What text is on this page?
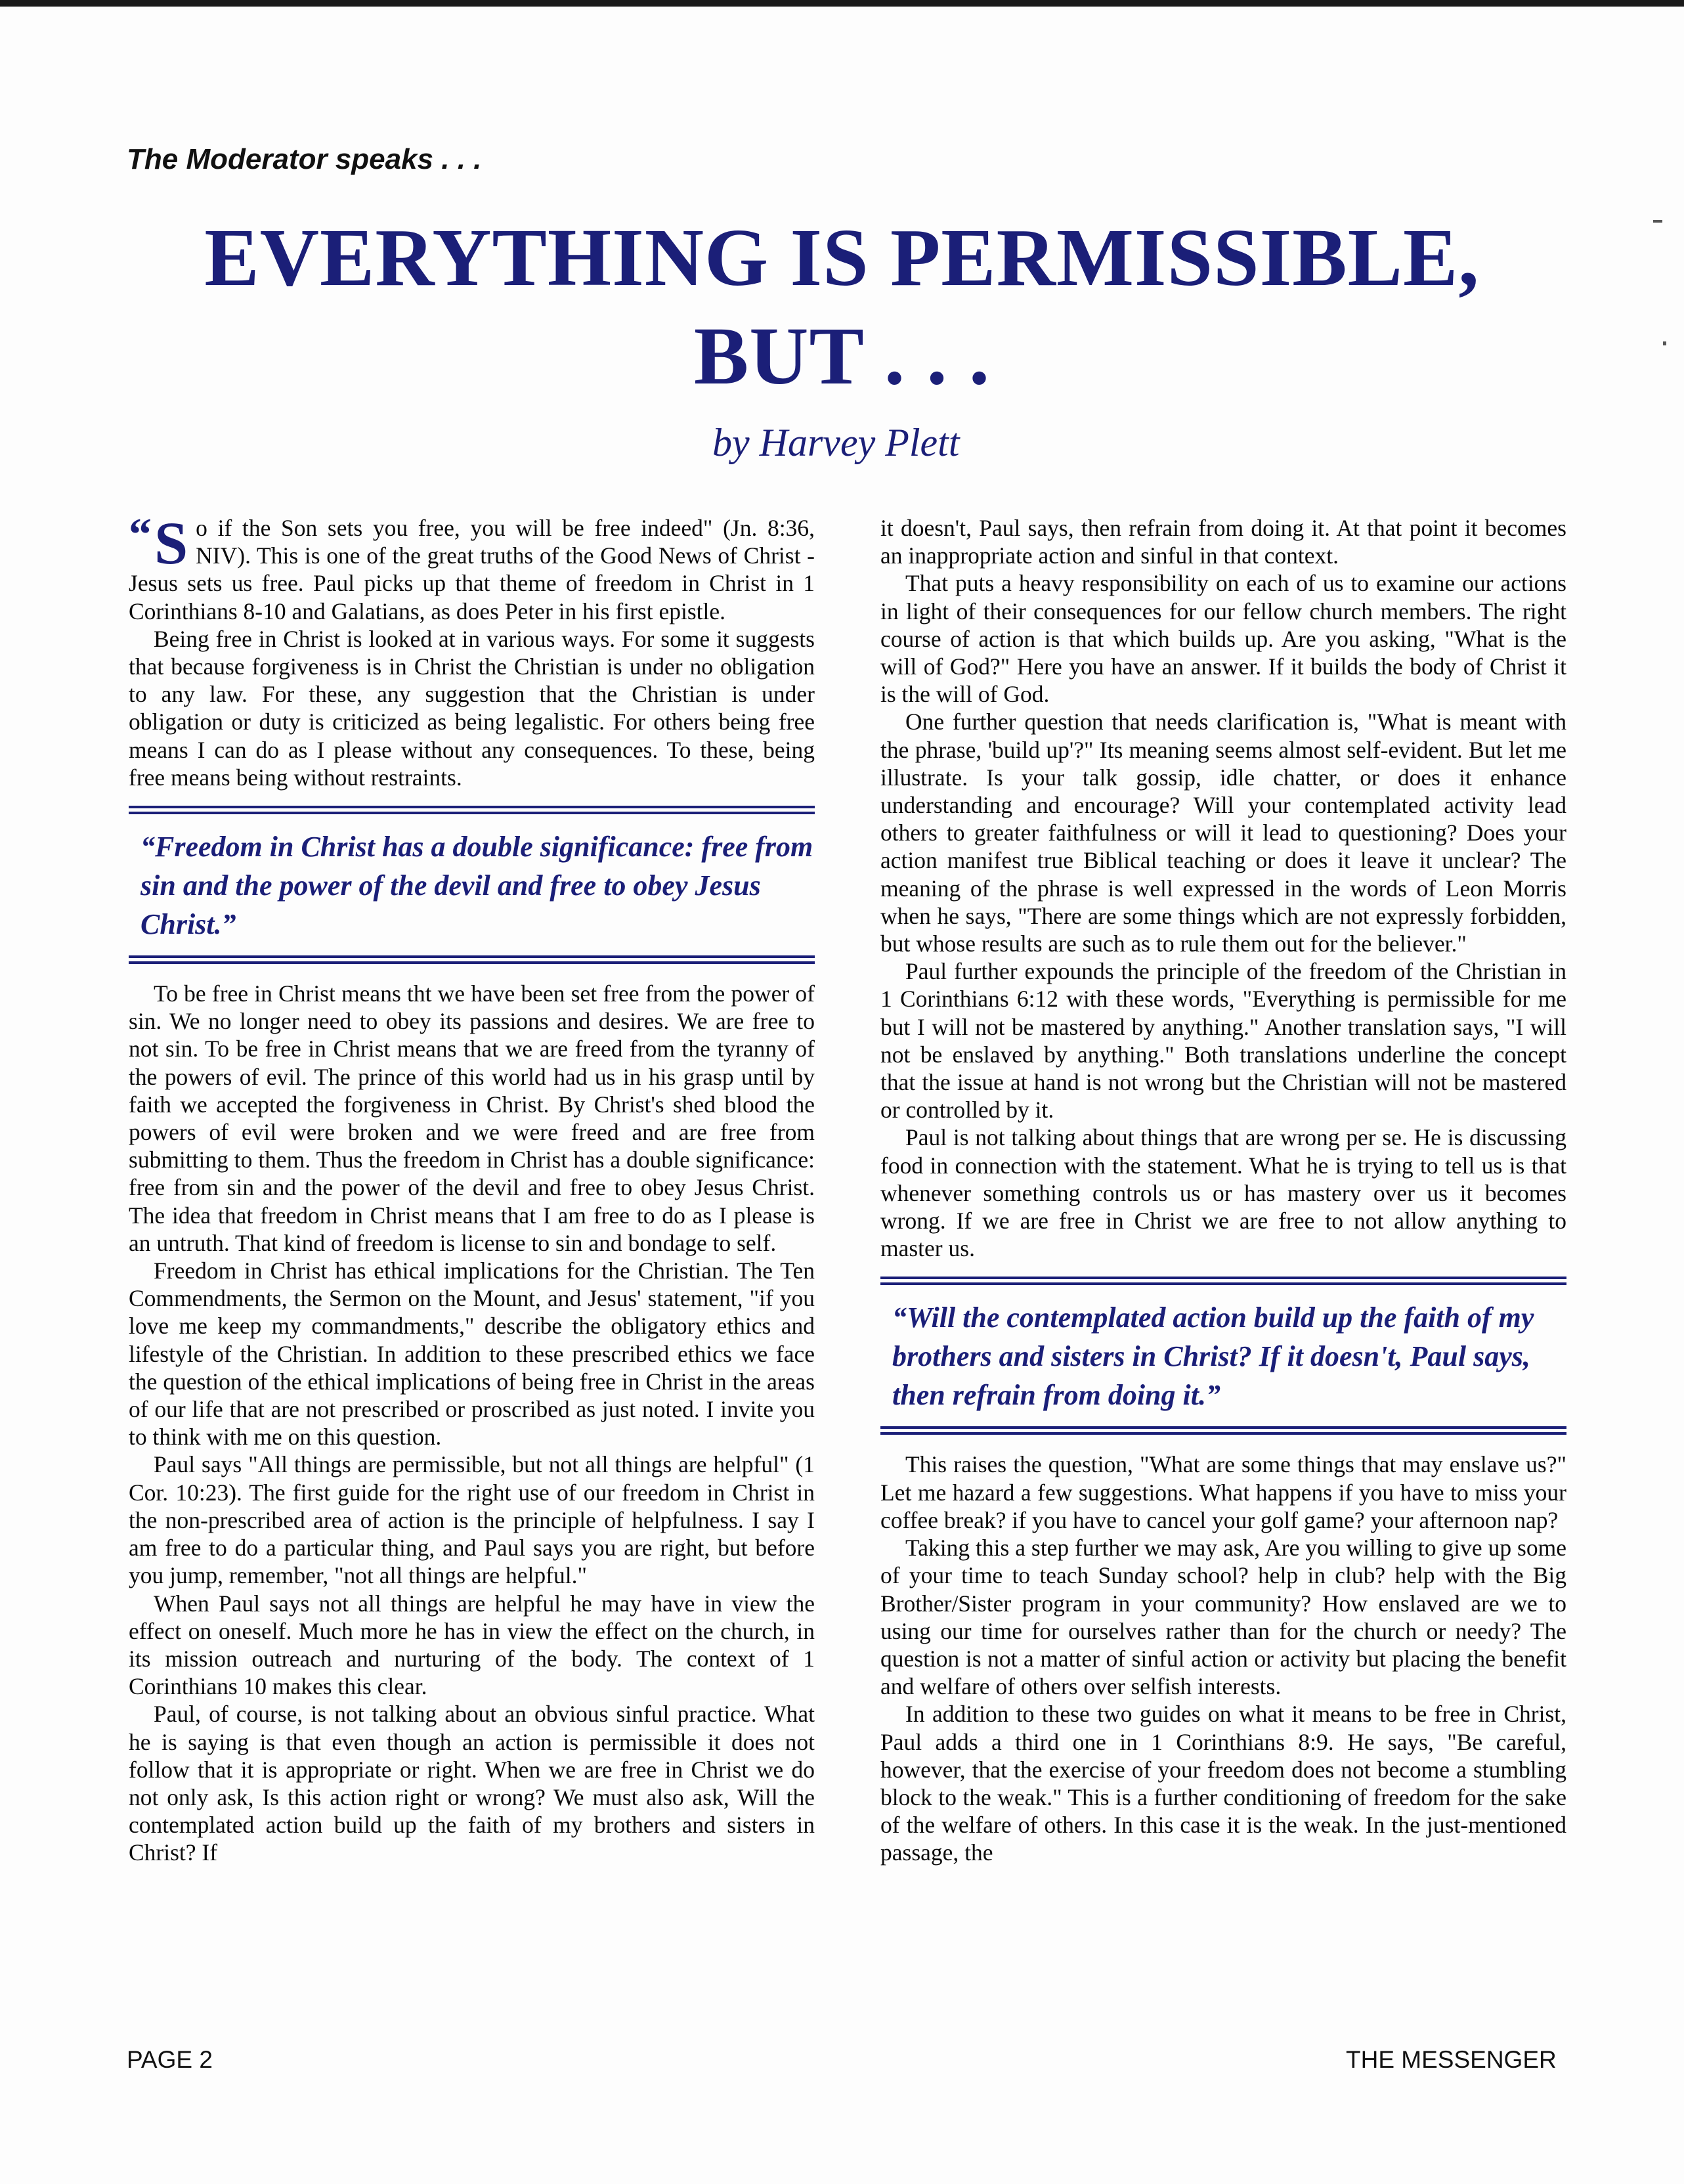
The Moderator speaks . . .
EVERYTHING IS PERMISSIBLE,
BUT . . .
by Harvey Plett

“ S o if the Son sets you free, you will be free indeed" (Jn. 8:36, NIV). This is one of the great truths of the Good News of Christ - Jesus sets us free. Paul picks up that theme of freedom in Christ in 1 Corinthians 8-10 and Galatians, as does Peter in his first epistle.

Being free in Christ is looked at in various ways. For some it suggests that because forgiveness is in Christ the Christian is under no obligation to any law. For these, any suggestion that the Christian is under obligation or duty is criticized as being legalistic. For others being free means I can do as I please without any consequences. To these, being free means being without restraints.

“Freedom in Christ has a double significance: free from sin and the power of the devil and free to obey Jesus Christ.”

To be free in Christ means tht we have been set free from the power of sin. We no longer need to obey its passions and desires. We are free to not sin. To be free in Christ means that we are freed from the tyranny of the powers of evil. The prince of this world had us in his grasp until by faith we accepted the forgiveness in Christ. By Christ's shed blood the powers of evil were broken and we were freed and are free from submitting to them. Thus the freedom in Christ has a double significance: free from sin and the power of the devil and free to obey Jesus Christ. The idea that freedom in Christ means that I am free to do as I please is an untruth. That kind of freedom is license to sin and bondage to self.

Freedom in Christ has ethical implications for the Christian. The Ten Commendments, the Sermon on the Mount, and Jesus' statement, "if you love me keep my commandments," describe the obligatory ethics and lifestyle of the Christian. In addition to these prescribed ethics we face the question of the ethical implications of being free in Christ in the areas of our life that are not prescribed or proscribed as just noted. I invite you to think with me on this question.

Paul says "All things are permissible, but not all things are helpful" (1 Cor. 10:23). The first guide for the right use of our freedom in Christ in the non-prescribed area of action is the principle of helpfulness. I say I am free to do a particular thing, and Paul says you are right, but before you jump, remember, "not all things are helpful."

When Paul says not all things are helpful he may have in view the effect on oneself. Much more he has in view the effect on the church, in its mission outreach and nurturing of the body. The context of 1 Corinthians 10 makes this clear.

Paul, of course, is not talking about an obvious sinful practice. What he is saying is that even though an action is permissible it does not follow that it is appropriate or right. When we are free in Christ we do not only ask, Is this action right or wrong? We must also ask, Will the contemplated action build up the faith of my brothers and sisters in Christ? If

it doesn't, Paul says, then refrain from doing it. At that point it becomes an inappropriate action and sinful in that context.

That puts a heavy responsibility on each of us to examine our actions in light of their consequences for our fellow church members. The right course of action is that which builds up. Are you asking, "What is the will of God?" Here you have an answer. If it builds the body of Christ it is the will of God.

One further question that needs clarification is, "What is meant with the phrase, 'build up'?" Its meaning seems almost self-evident. But let me illustrate. Is your talk gossip, idle chatter, or does it enhance understanding and encourage? Will your contemplated activity lead others to greater faithfulness or will it lead to questioning? Does your action manifest true Biblical teaching or does it leave it unclear? The meaning of the phrase is well expressed in the words of Leon Morris when he says, "There are some things which are not expressly forbidden, but whose results are such as to rule them out for the believer."

Paul further expounds the principle of the freedom of the Christian in 1 Corinthians 6:12 with these words, "Everything is permissible for me but I will not be mastered by anything." Another translation says, "I will not be enslaved by anything." Both translations underline the concept that the issue at hand is not wrong but the Christian will not be mastered or controlled by it.

Paul is not talking about things that are wrong per se. He is discussing food in connection with the statement. What he is trying to tell us is that whenever something controls us or has mastery over us it becomes wrong. If we are free in Christ we are free to not allow anything to master us.

“Will the contemplated action build up the faith of my brothers and sisters in Christ? If it doesn't, Paul says, then refrain from doing it.”

This raises the question, "What are some things that may enslave us?" Let me hazard a few suggestions. What happens if you have to miss your coffee break? if you have to cancel your golf game? your afternoon nap?

Taking this a step further we may ask, Are you willing to give up some of your time to teach Sunday school? help in club? help with the Big Brother/Sister program in your community? How enslaved are we to using our time for ourselves rather than for the church or needy? The question is not a matter of sinful action or activity but placing the benefit and welfare of others over selfish interests.

In addition to these two guides on what it means to be free in Christ, Paul adds a third one in 1 Corinthians 8:9. He says, "Be careful, however, that the exercise of your freedom does not become a stumbling block to the weak." This is a further conditioning of freedom for the sake of the welfare of others. In this case it is the weak. In the just-mentioned passage, the

PAGE 2	THE MESSENGER
